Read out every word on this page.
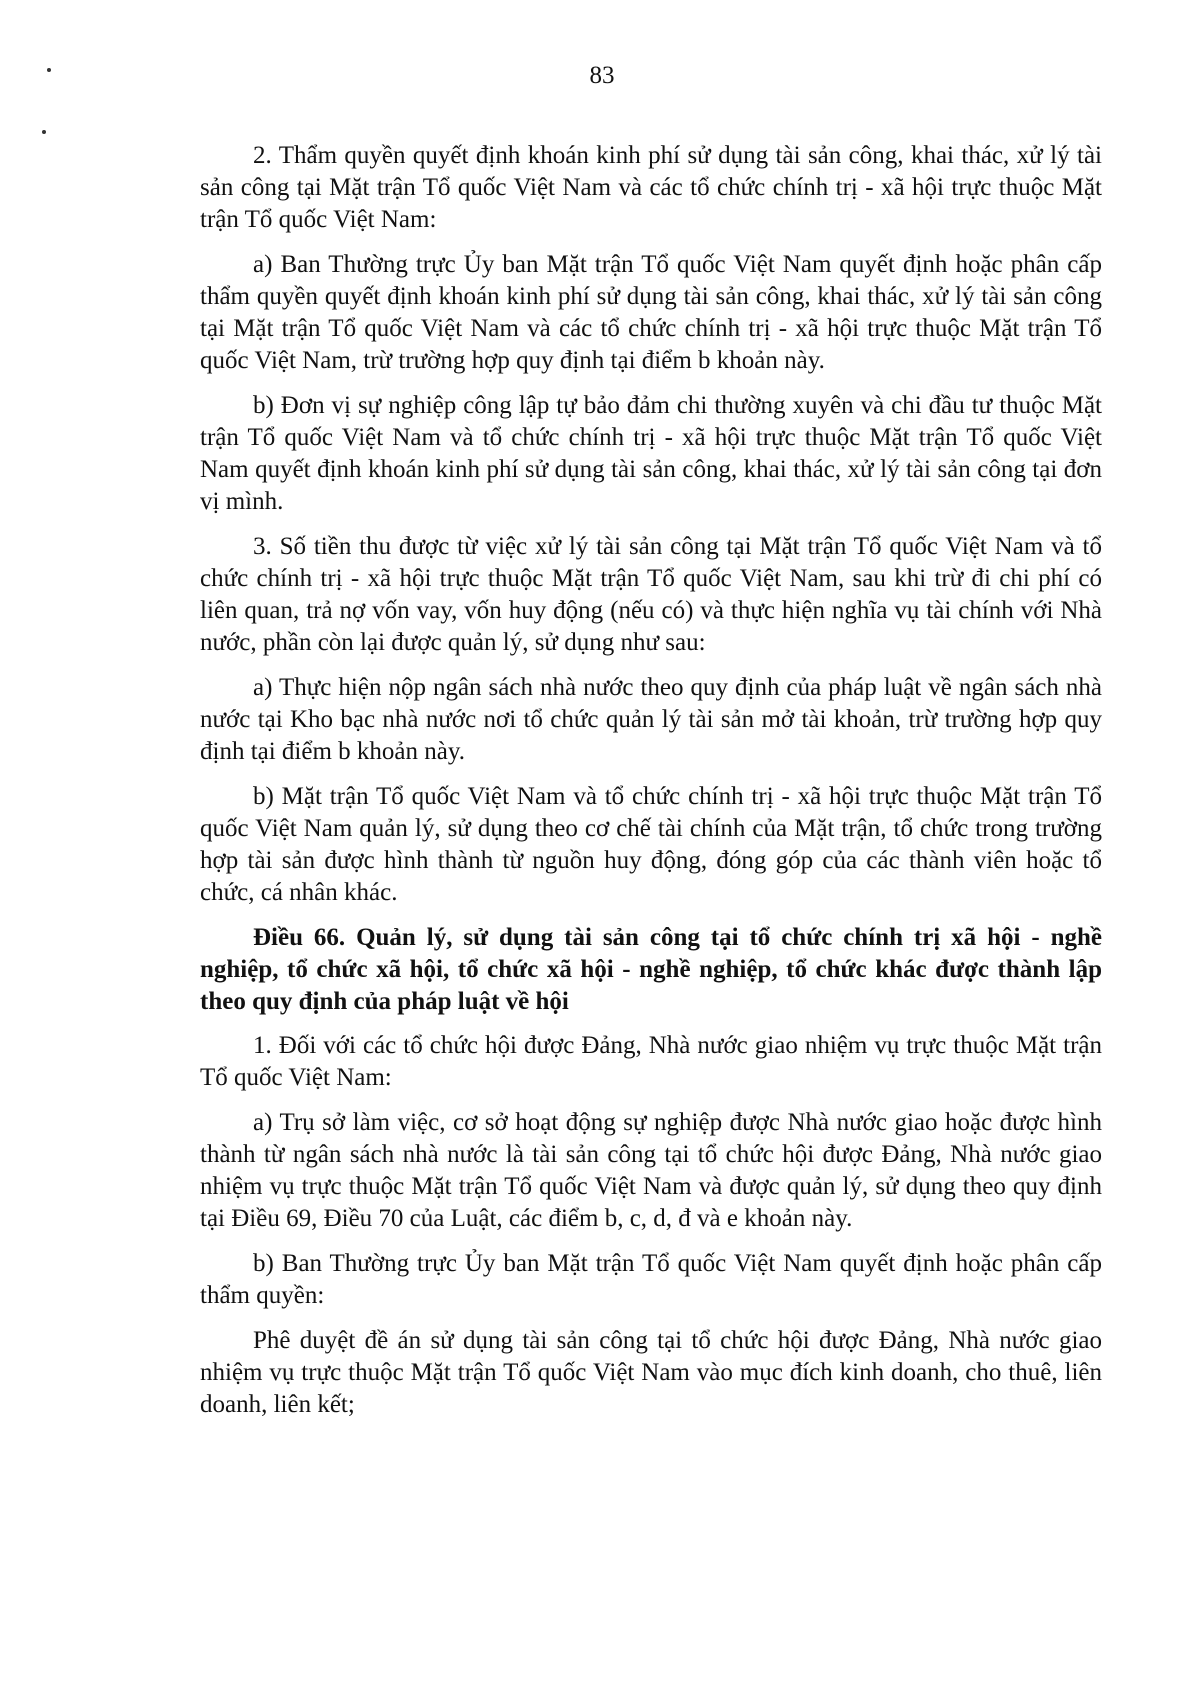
83

2. Thẩm quyền quyết định khoán kinh phí sử dụng tài sản công, khai thác, xử lý tài sản công tại Mặt trận Tổ quốc Việt Nam và các tổ chức chính trị - xã hội trực thuộc Mặt trận Tổ quốc Việt Nam:

a) Ban Thường trực Ủy ban Mặt trận Tổ quốc Việt Nam quyết định hoặc phân cấp thẩm quyền quyết định khoán kinh phí sử dụng tài sản công, khai thác, xử lý tài sản công tại Mặt trận Tổ quốc Việt Nam và các tổ chức chính trị - xã hội trực thuộc Mặt trận Tổ quốc Việt Nam, trừ trường hợp quy định tại điểm b khoản này.

b) Đơn vị sự nghiệp công lập tự bảo đảm chi thường xuyên và chi đầu tư thuộc Mặt trận Tổ quốc Việt Nam và tổ chức chính trị - xã hội trực thuộc Mặt trận Tổ quốc Việt Nam quyết định khoán kinh phí sử dụng tài sản công, khai thác, xử lý tài sản công tại đơn vị mình.

3. Số tiền thu được từ việc xử lý tài sản công tại Mặt trận Tổ quốc Việt Nam và tổ chức chính trị - xã hội trực thuộc Mặt trận Tổ quốc Việt Nam, sau khi trừ đi chi phí có liên quan, trả nợ vốn vay, vốn huy động (nếu có) và thực hiện nghĩa vụ tài chính với Nhà nước, phần còn lại được quản lý, sử dụng như sau:

a) Thực hiện nộp ngân sách nhà nước theo quy định của pháp luật về ngân sách nhà nước tại Kho bạc nhà nước nơi tổ chức quản lý tài sản mở tài khoản, trừ trường hợp quy định tại điểm b khoản này.

b) Mặt trận Tổ quốc Việt Nam và tổ chức chính trị - xã hội trực thuộc Mặt trận Tổ quốc Việt Nam quản lý, sử dụng theo cơ chế tài chính của Mặt trận, tổ chức trong trường hợp tài sản được hình thành từ nguồn huy động, đóng góp của các thành viên hoặc tổ chức, cá nhân khác.

Điều 66. Quản lý, sử dụng tài sản công tại tổ chức chính trị xã hội - nghề nghiệp, tổ chức xã hội, tổ chức xã hội - nghề nghiệp, tổ chức khác được thành lập theo quy định của pháp luật về hội

1. Đối với các tổ chức hội được Đảng, Nhà nước giao nhiệm vụ trực thuộc Mặt trận Tổ quốc Việt Nam:

a) Trụ sở làm việc, cơ sở hoạt động sự nghiệp được Nhà nước giao hoặc được hình thành từ ngân sách nhà nước là tài sản công tại tổ chức hội được Đảng, Nhà nước giao nhiệm vụ trực thuộc Mặt trận Tổ quốc Việt Nam và được quản lý, sử dụng theo quy định tại Điều 69, Điều 70 của Luật, các điểm b, c, d, đ và e khoản này.

b) Ban Thường trực Ủy ban Mặt trận Tổ quốc Việt Nam quyết định hoặc phân cấp thẩm quyền:

Phê duyệt đề án sử dụng tài sản công tại tổ chức hội được Đảng, Nhà nước giao nhiệm vụ trực thuộc Mặt trận Tổ quốc Việt Nam vào mục đích kinh doanh, cho thuê, liên doanh, liên kết;
